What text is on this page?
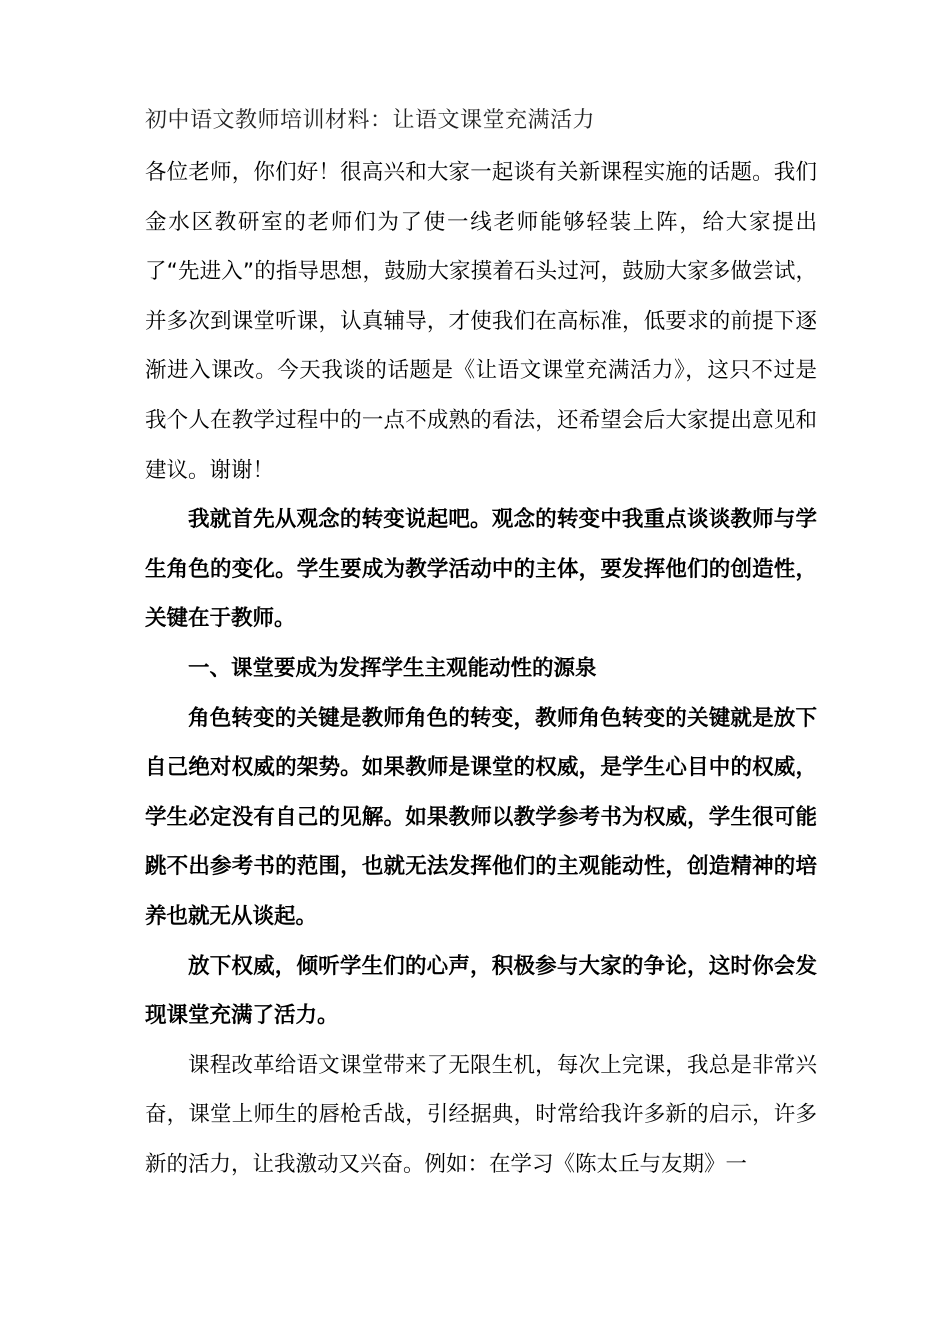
初中语文教师培训材料：让语文课堂充满活力

各位老师，你们好！很高兴和大家一起谈有关新课程实施的话题。我们金水区教研室的老师们为了使一线老师能够轻装上阵，给大家提出了“先进入”的指导思想，鼓励大家摸着石头过河，鼓励大家多做尝试，并多次到课堂听课，认真辅导，才使我们在高标准，低要求的前提下逐渐进入课改。今天我谈的话题是《让语文课堂充满活力》，这只不过是我个人在教学过程中的一点不成熟的看法，还希望会后大家提出意见和建议。谢谢！

我就首先从观念的转变说起吧。观念的转变中我重点谈谈教师与学生角色的变化。学生要成为教学活动中的主体，要发挥他们的创造性，关键在于教师。

一、课堂要成为发挥学生主观能动性的源泉

角色转变的关键是教师角色的转变，教师角色转变的关键就是放下自己绝对权威的架势。如果教师是课堂的权威，是学生心目中的权威，学生必定没有自己的见解。如果教师以教学参考书为权威，学生很可能跳不出参考书的范围，也就无法发挥他们的主观能动性，创造精神的培养也就无从谈起。

放下权威，倾听学生们的心声，积极参与大家的争论，这时你会发现课堂充满了活力。

课程改革给语文课堂带来了无限生机，每次上完课，我总是非常兴奋，课堂上师生的唇枪舌战，引经据典，时常给我许多新的启示，许多新的活力，让我激动又兴奋。例如：在学习《陈太丘与友期》一
